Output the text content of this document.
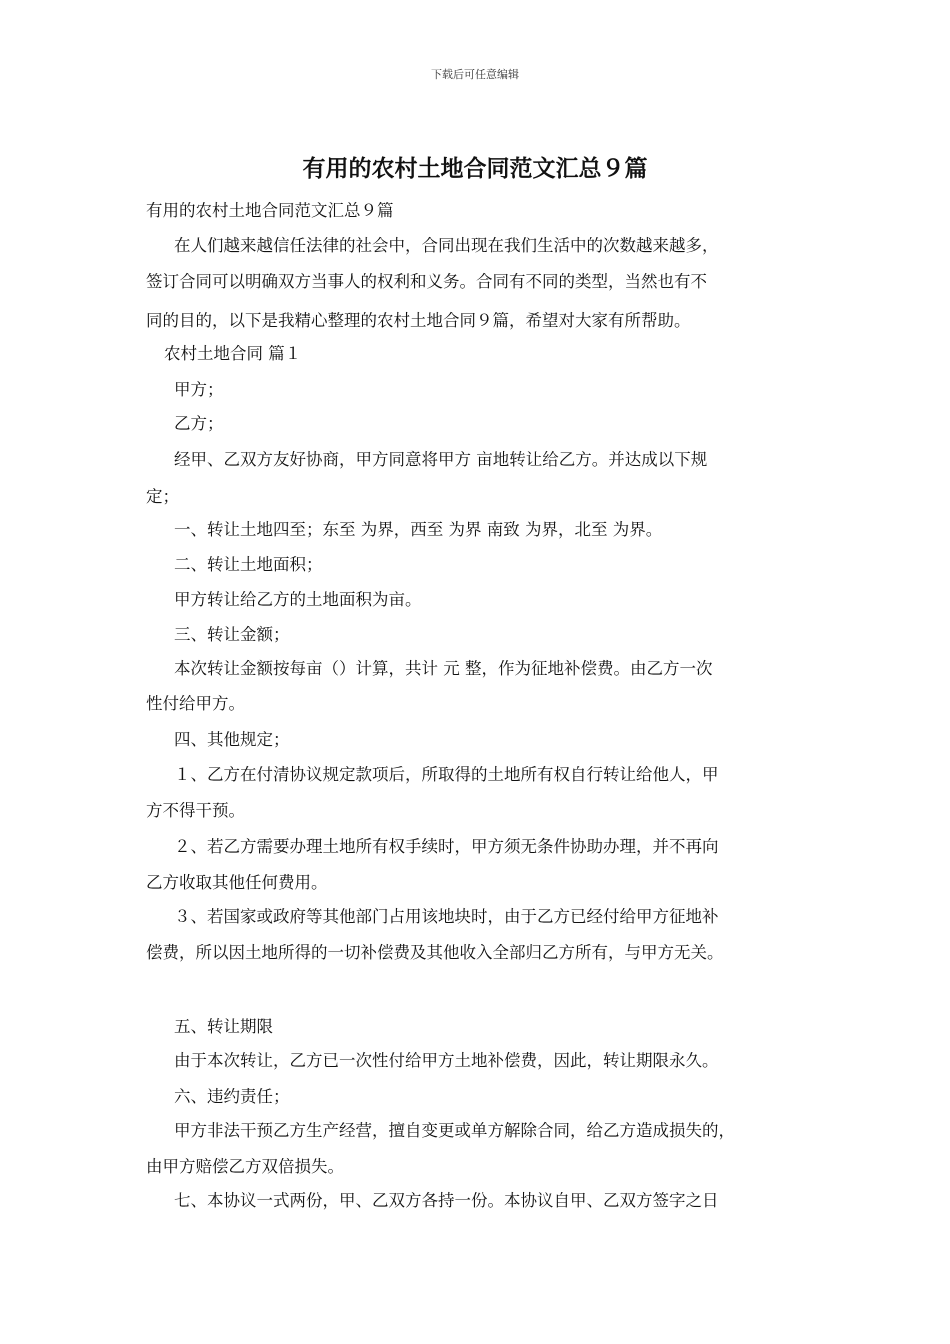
下载后可任意编辑
有用的农村土地合同范文汇总９篇
有用的农村土地合同范文汇总９篇
在人们越来越信任法律的社会中，合同出现在我们生活中的次数越来越多，
签订合同可以明确双方当事人的权利和义务。合同有不同的类型，当然也有不
同的目的，以下是我精心整理的农村土地合同９篇，希望对大家有所帮助。
农村土地合同 篇１
甲方；
乙方；
经甲、乙双方友好协商，甲方同意将甲方 亩地转让给乙方。并达成以下规
定；
一、转让土地四至；东至 为界，西至 为界 南致 为界，北至 为界。
二、转让土地面积；
甲方转让给乙方的土地面积为亩。
三、转让金额；
本次转让金额按每亩（）计算，共计 元 整，作为征地补偿费。由乙方一次
性付给甲方。
四、其他规定；
１、乙方在付清协议规定款项后，所取得的土地所有权自行转让给他人，甲
方不得干预。
２、若乙方需要办理土地所有权手续时，甲方须无条件协助办理，并不再向
乙方收取其他任何费用。
３、若国家或政府等其他部门占用该地块时，由于乙方已经付给甲方征地补
偿费，所以因土地所得的一切补偿费及其他收入全部归乙方所有，与甲方无关。
五、转让期限
由于本次转让，乙方已一次性付给甲方土地补偿费，因此，转让期限永久。
六、违约责任；
甲方非法干预乙方生产经营，擅自变更或单方解除合同，给乙方造成损失的，
由甲方赔偿乙方双倍损失。
七、本协议一式两份，甲、乙双方各持一份。本协议自甲、乙双方签字之日
